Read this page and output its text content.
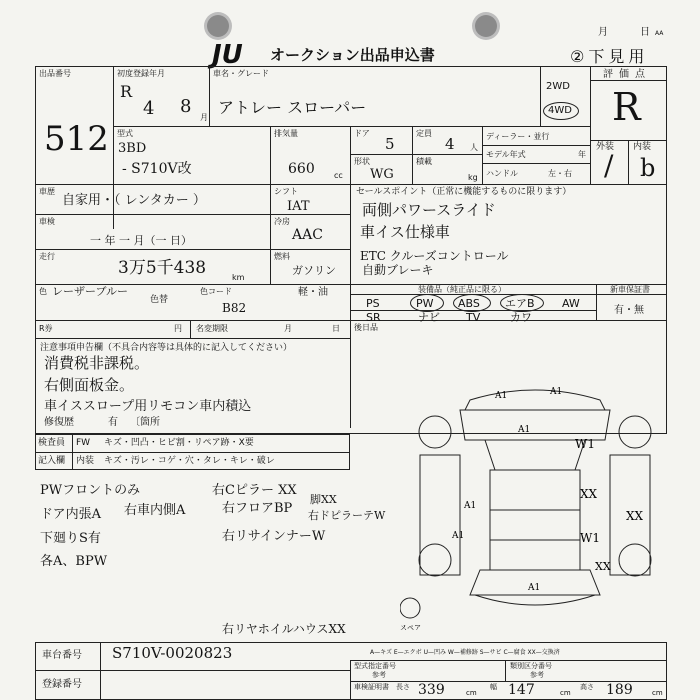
JU オークション出品申込書
月	日 AA
②下見用
出品番号
512
初度登録年月
R
4 8
月
車名・グレード
アトレー スローパー
2WD
4WD
評価点
R
外装 内装
/ b
型式
3BD
- S710V改
排気量
660 cc
ドア
5
定員
4 人
ディーラー・並行
モデル年式	年
形状
WG
積載
kg ハンドル	左・右
車歴
自家用・（ レンタカー ）
シフト
IAT
車検
一 年 一 月（一 日）
冷房
AAC
走行
3万5千438	km
燃料
ガソリン
軽・油
セールスポイント（正常に機能するものに限ります）
両側パワースライド
車イス仕様車
ETC クルーズコントロール
自動ブレーキ
色 レーザーブルー
色替
色コード
B82
装備品（純正品に限る）	新車保証書
有・無
PS	PW ABS エアB AW
SR	ナビ TV	カワ
R券	円 名変期限	月	日 後日品
注意事項申告欄（不具合内容等は具体的に記入してください）
消費税非課税。
右側面板金。
車イススロープ用リモコン車内積込
修復歴	有 〔箇所
検査員 FW キズ・凹凸・ヒビ割・リペア跡・X要
記入欄 内装 キズ・汚レ・コゲ・穴・タレ・キレ・破レ
PWフロントのみ
ドア内張A 右車内側A
右Cピラー XX
右フロアBP
脚XX
右ドピラーテW
下廻りS有	右リサインナーW
各A、BPW
右リヤホイルハウスXX
A1	A1
A1
W1
XX
A1
A1
XX
W1
XX
A1
スペア
車台番号 S710V-0020823
登録番号
A—キズ E—エクボ U—凹み W—補修跡 S—サビ C—腐食 XX—交換済
型式指定番号
参考
類別区分番号
参考
車検証明書 長さ 339	cm
幅 147	cm
高さ 189	cm
